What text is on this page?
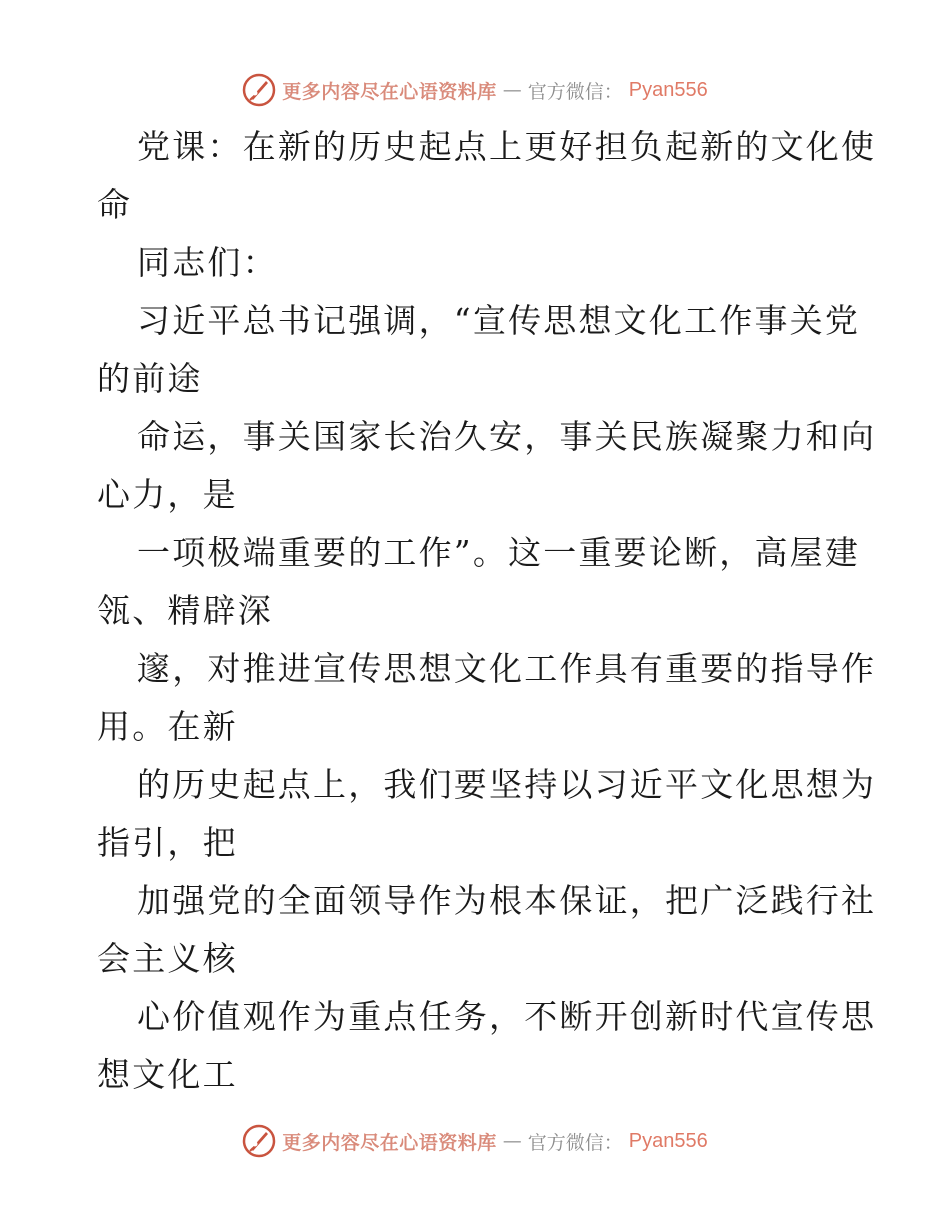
更多内容尽在心语资料库 — 官方微信： Pyan556
党课：在新的历史起点上更好担负起新的文化使
命
同志们：
习近平总书记强调，“宣传思想文化工作事关党
的前途
命运，事关国家长治久安，事关民族凝聚力和向
心力，是
一项极端重要的工作”。这一重要论断，高屋建
瓴、精辟深
邃，对推进宣传思想文化工作具有重要的指导作
用。在新
的历史起点上，我们要坚持以习近平文化思想为
指引，把
加强党的全面领导作为根本保证，把广泛践行社
会主义核
心价值观作为重点任务，不断开创新时代宣传思
想文化工
更多内容尽在心语资料库 — 官方微信： Pyan556
